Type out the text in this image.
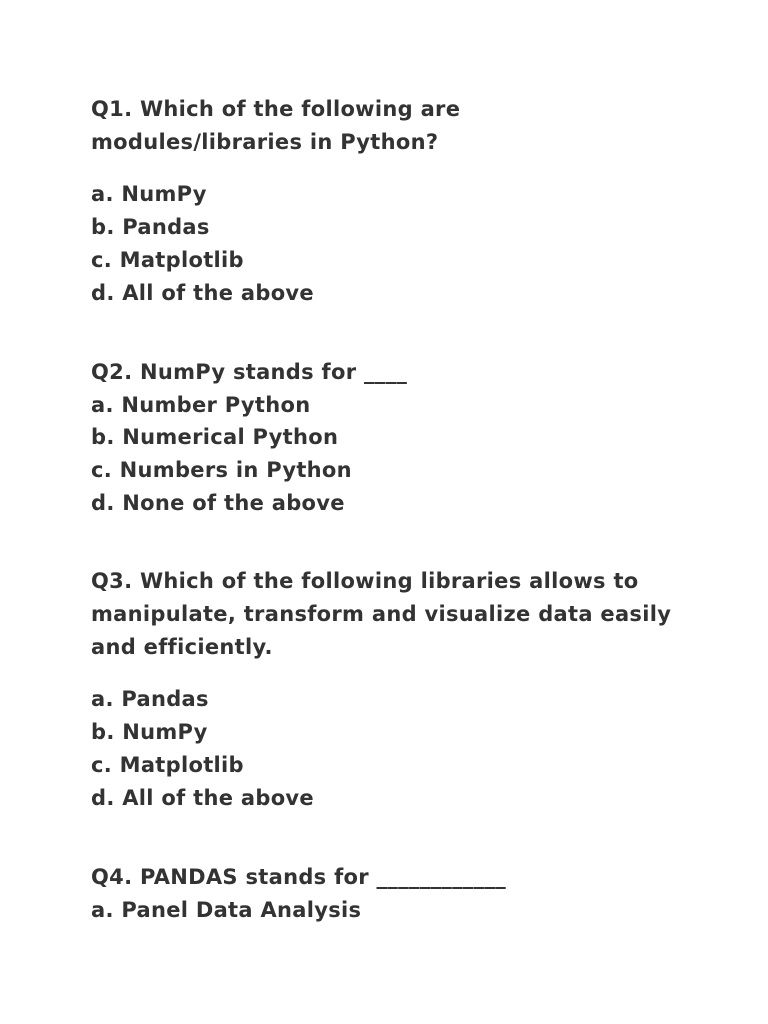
Q1. Which of the following are
modules/libraries in Python?
a. NumPy
b. Pandas
c. Matplotlib
d. All of the above
Q2. NumPy stands for ____
a. Number Python
b. Numerical Python
c. Numbers in Python
d. None of the above
Q3. Which of the following libraries allows to
manipulate, transform and visualize data easily
and efficiently.
a. Pandas
b. NumPy
c. Matplotlib
d. All of the above
Q4. PANDAS stands for ____________
a. Panel Data Analysis
